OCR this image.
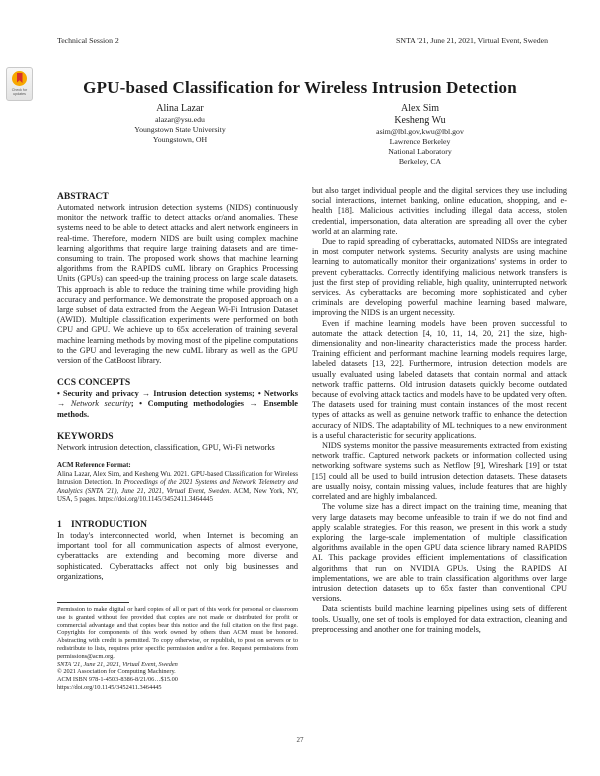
Technical Session 2	SNTA '21, June 21, 2021, Virtual Event, Sweden
Check for updates	GPU-based Classification for Wireless Intrusion Detection
Alina Lazar
alazar@ysu.edu
Youngstown State University
Youngstown, OH
Alex Sim
Kesheng Wu
asim@lbl.gov,kwu@lbl.gov
Lawrence Berkeley
National Laboratory
Berkeley, CA
ABSTRACT
Automated network intrusion detection systems (NIDS) continuously monitor the network traffic to detect attacks or/and anomalies. These systems need to be able to detect attacks and alert network engineers in real-time. Therefore, modern NIDS are built using complex machine learning algorithms that require large training datasets and are time-consuming to train. The proposed work shows that machine learning algorithms from the RAPIDS cuML library on Graphics Processing Units (GPUs) can speed-up the training process on large scale datasets. This approach is able to reduce the training time while providing high accuracy and performance. We demonstrate the proposed approach on a large subset of data extracted from the Aegean Wi-Fi Intrusion Dataset (AWID). Multiple classification experiments were performed on both CPU and GPU. We achieve up to 65x acceleration of training several machine learning methods by moving most of the pipeline computations to the GPU and leveraging the new cuML library as well as the GPU version of the CatBoost library.
CCS CONCEPTS
• Security and privacy → Intrusion detection systems; • Networks → Network security; • Computing methodologies → Ensemble methods.
KEYWORDS
Network intrusion detection, classification, GPU, Wi-Fi networks
ACM Reference Format:
Alina Lazar, Alex Sim, and Kesheng Wu. 2021. GPU-based Classification for Wireless Intrusion Detection. In Proceedings of the 2021 Systems and Network Telemetry and Analytics (SNTA '21), June 21, 2021, Virtual Event, Sweden. ACM, New York, NY, USA, 5 pages. https://doi.org/10.1145/3452411.3464445
1 INTRODUCTION
In today's interconnected world, when Internet is becoming an important tool for all communication aspects of almost everyone, cyberattacks are extending and becoming more diverse and sophisticated. Cyberattacks affect not only big businesses and organizations,
Permission to make digital or hard copies of all or part of this work for personal or classroom use is granted without fee provided that copies are not made or distributed for profit or commercial advantage and that copies bear this notice and the full citation on the first page. Copyrights for components of this work owned by others than ACM must be honored. Abstracting with credit is permitted. To copy otherwise, or republish, to post on servers or to redistribute to lists, requires prior specific permission and/or a fee. Request permissions from permissions@acm.org.
SNTA '21, June 21, 2021, Virtual Event, Sweden
© 2021 Association for Computing Machinery.
ACM ISBN 978-1-4503-8386-8/21/06…$15.00
https://doi.org/10.1145/3452411.3464445
but also target individual people and the digital services they use including social interactions, internet banking, online education, shopping, and e-health [18]. Malicious activities including illegal data access, stolen credential, impersonation, data alteration are spreading all over the cyber world at an alarming rate.
Due to rapid spreading of cyberattacks, automated NIDSs are integrated in most computer network systems. Security analysts are using machine learning to automatically monitor their organizations' systems in order to prevent cyberattacks. Correctly identifying malicious network transfers is just the first step of providing reliable, high quality, uninterrupted network services. As cyberattacks are becoming more sophisticated and cyber criminals are developing powerful machine learning based malware, improving the NIDS is an urgent necessity.
Even if machine learning models have been proven successful to automate the attack detection [4, 10, 11, 14, 20, 21] the size, high-dimensionality and non-linearity characteristics made the process harder. Training efficient and performant machine learning models requires large, labeled datasets [13, 22]. Furthermore, intrusion detection models are usually evaluated using labeled datasets that contain normal and attack network traffic patterns. Old intrusion datasets quickly become outdated because of evolving attack tactics and models have to be updated very often. The datasets used for training must contain instances of the most recent types of attacks as well as genuine network traffic to enhance the detection accuracy of NIDS. The adaptability of ML techniques to a new environment is a useful characteristic for security applications.
NIDS systems monitor the passive measurements extracted from existing network traffic. Captured network packets or information collected using networking software systems such as Netflow [9], Wireshark [19] or tstat [15] could all be used to build intrusion detection datasets. These datasets are usually noisy, contain missing values, include features that are highly correlated and are highly imbalanced.
The volume size has a direct impact on the training time, meaning that very large datasets may become unfeasible to train if we do not find and apply scalable strategies. For this reason, we present in this work a study exploring the large-scale implementation of multiple classification algorithms available in the open GPU data science library named RAPIDS AI. This package provides efficient implementations of classification algorithms that run on NVIDIA GPUs. Using the RAPIDS AI implementations, we are able to train classification algorithms over large intrusion detection datasets up to 65x faster than conventional CPU versions.
Data scientists build machine learning pipelines using sets of different tools. Usually, one set of tools is employed for data extraction, cleaning and preprocessing and another one for training models,
27
